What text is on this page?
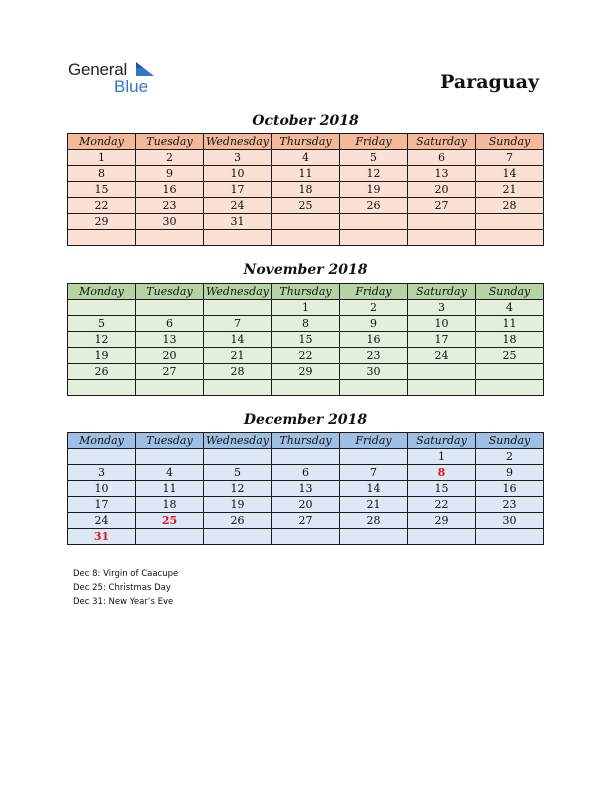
General
Blue	Paraguay
October 2018
Monday	Tuesday	Wednesday	Thursday	Friday	Saturday	Sunday
1	2	3	4	5	6	7
8	9	10	11	12	13	14
15	16	17	18	19	20	21
22	23	24	25	26	27	28
29	30	31				

November 2018
Monday	Tuesday	Wednesday	Thursday	Friday	Saturday	Sunday
			1	2	3	4
5	6	7	8	9	10	11
12	13	14	15	16	17	18
19	20	21	22	23	24	25
26	27	28	29	30		

December 2018
Monday	Tuesday	Wednesday	Thursday	Friday	Saturday	Sunday
					1	2
3	4	5	6	7	8	9
10	11	12	13	14	15	16
17	18	19	20	21	22	23
24	25	26	27	28	29	30
31						
Dec 8: Virgin of Caacupe
Dec 25: Christmas Day
Dec 31: New Year’s Eve
